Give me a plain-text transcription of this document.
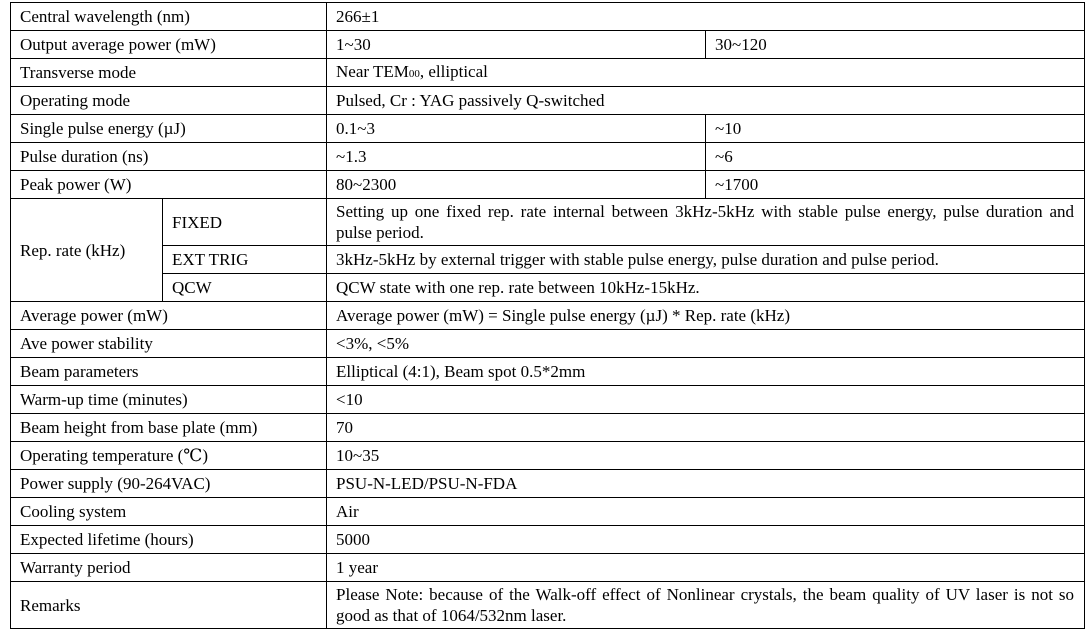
Central wavelength (nm)		266±1	
Output average power (mW)		1~30	30~120
Transverse mode		Near TEM00, elliptical	
Operating mode		Pulsed, Cr : YAG passively Q-switched	
Single pulse energy (µJ)		0.1~3	~10
Pulse duration (ns)		~1.3	~6
Peak power (W)		80~2300	~1700
Rep. rate (kHz)	FIXED	Setting up one fixed rep. rate internal between 3kHz-5kHz with stable pulse energy, pulse duration and pulse period.	
	EXT TRIG	3kHz-5kHz by external trigger with stable pulse energy, pulse duration and pulse period.	
	QCW	QCW state with one rep. rate between 10kHz-15kHz.	
Average power (mW)		Average power (mW) = Single pulse energy (µJ) * Rep. rate (kHz)	
Ave power stability		<3%, <5%	
Beam parameters		Elliptical (4:1), Beam spot 0.5*2mm	
Warm-up time (minutes)		<10	
Beam height from base plate (mm)		70	
Operating temperature (℃)		10~35	
Power supply (90-264VAC)		PSU-N-LED/PSU-N-FDA	
Cooling system		Air	
Expected lifetime (hours)		5000	
Warranty period		1 year	
Remarks		Please Note: because of the Walk-off effect of Nonlinear crystals, the beam quality of UV laser is not so good as that of 1064/532nm laser.	
